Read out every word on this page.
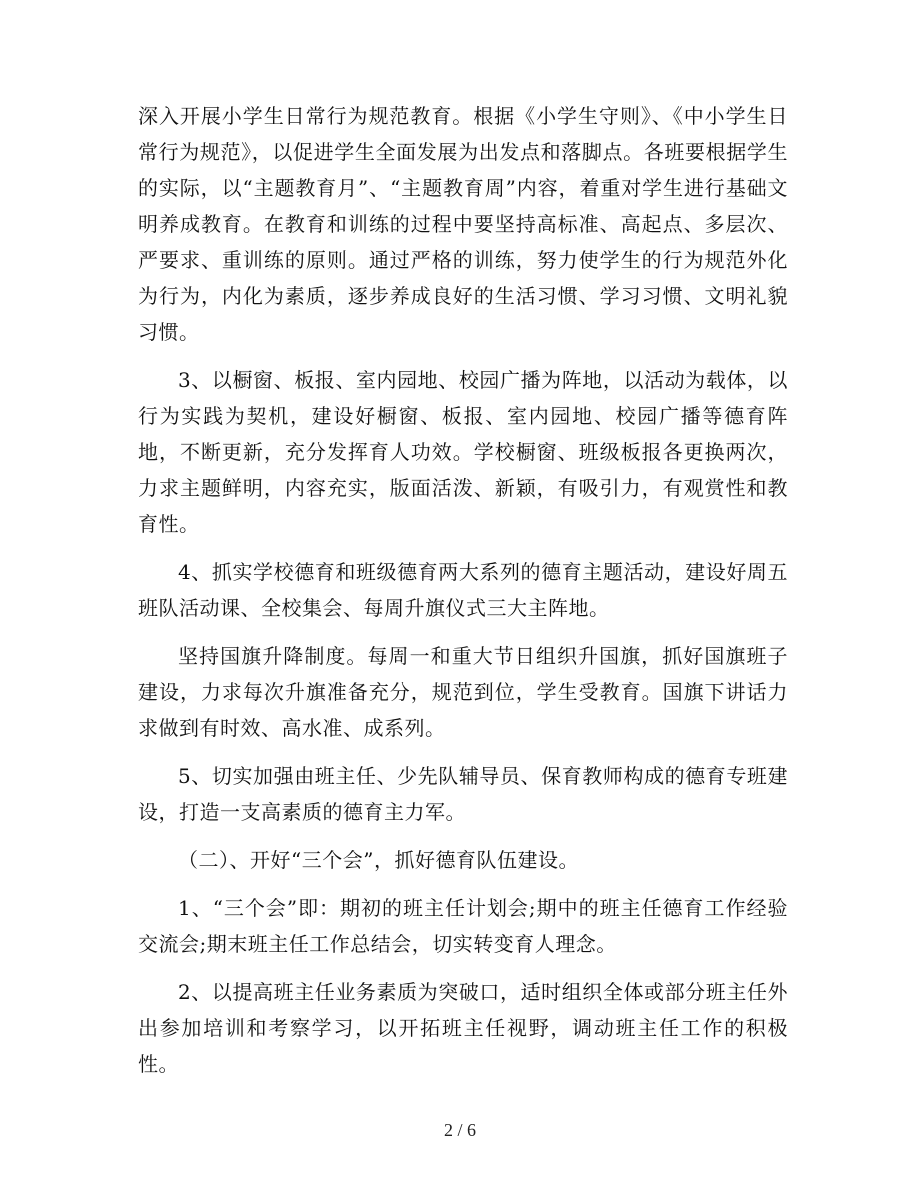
深入开展小学生日常行为规范教育。根据《小学生守则》、《中小学生日常行为规范》，以促进学生全面发展为出发点和落脚点。各班要根据学生的实际，以“主题教育月”、“主题教育周”内容，着重对学生进行基础文明养成教育。在教育和训练的过程中要坚持高标准、高起点、多层次、严要求、重训练的原则。通过严格的训练，努力使学生的行为规范外化为行为，内化为素质，逐步养成良好的生活习惯、学习习惯、文明礼貌习惯。

3、以橱窗、板报、室内园地、校园广播为阵地，以活动为载体，以行为实践为契机，建设好橱窗、板报、室内园地、校园广播等德育阵地，不断更新，充分发挥育人功效。学校橱窗、班级板报各更换两次，力求主题鲜明，内容充实，版面活泼、新颖，有吸引力，有观赏性和教育性。

4、抓实学校德育和班级德育两大系列的德育主题活动，建设好周五班队活动课、全校集会、每周升旗仪式三大主阵地。

坚持国旗升降制度。每周一和重大节日组织升国旗，抓好国旗班子建设，力求每次升旗准备充分，规范到位，学生受教育。国旗下讲话力求做到有时效、高水准、成系列。

5、切实加强由班主任、少先队辅导员、保育教师构成的德育专班建设，打造一支高素质的德育主力军。

（二）、开好“三个会”，抓好德育队伍建设。

1、“三个会”即：期初的班主任计划会;期中的班主任德育工作经验交流会;期末班主任工作总结会，切实转变育人理念。

2、以提高班主任业务素质为突破口，适时组织全体或部分班主任外出参加培训和考察学习，以开拓班主任视野，调动班主任工作的积极性。

2 / 6
